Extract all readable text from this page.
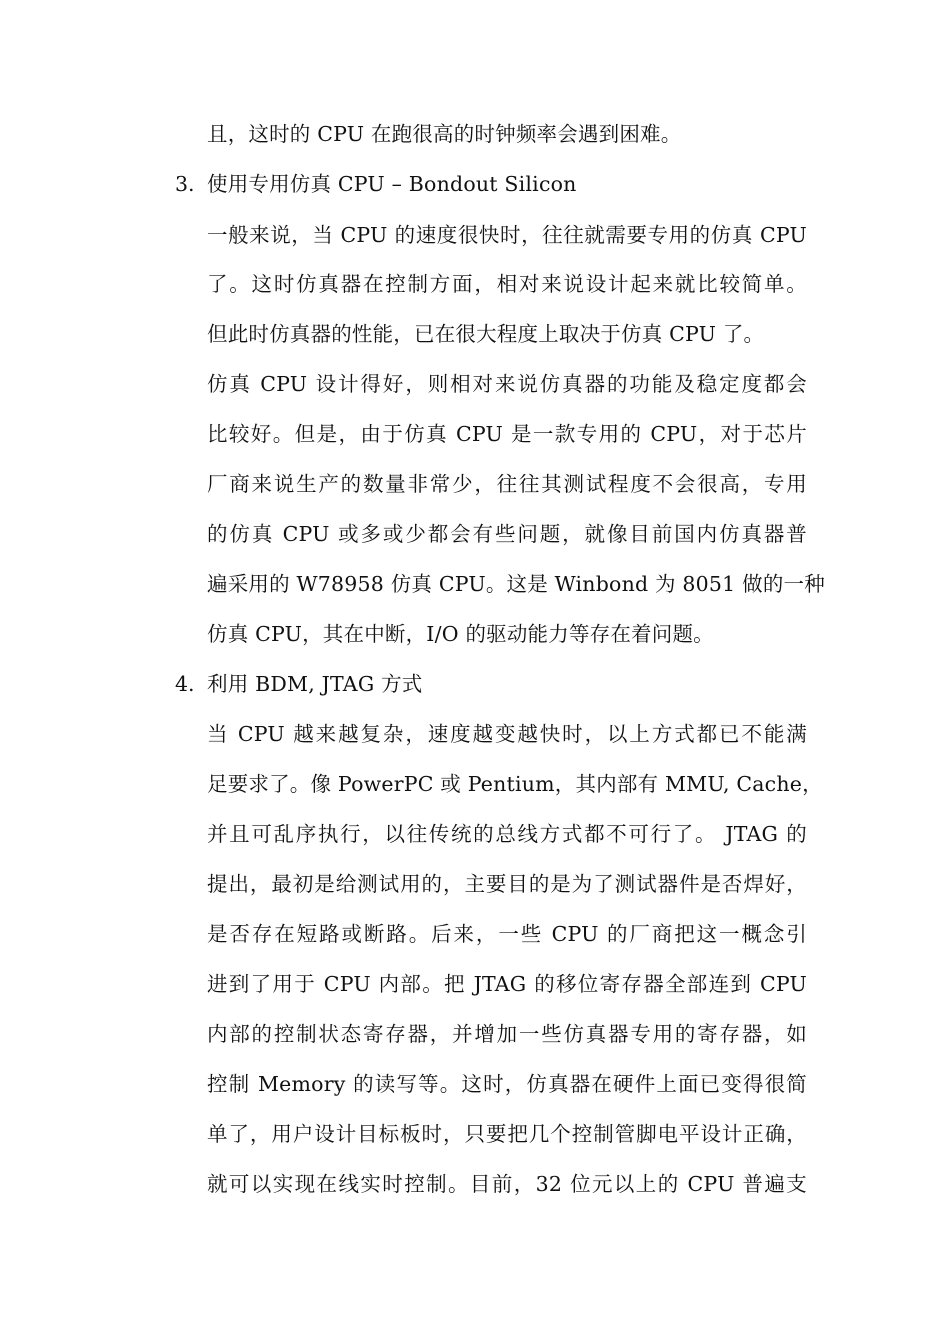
且，这时的 CPU 在跑很高的时钟频率会遇到困难。
3. 使用专用仿真 CPU – Bondout Silicon
一般来说，当 CPU 的速度很快时，往往就需要专用的仿真 CPU
了。这时仿真器在控制方面，相对来说设计起来就比较简单。
但此时仿真器的性能，已在很大程度上取决于仿真 CPU 了。
仿真 CPU 设计得好，则相对来说仿真器的功能及稳定度都会
比较好。但是，由于仿真 CPU 是一款专用的 CPU，对于芯片
厂商来说生产的数量非常少，往往其测试程度不会很高，专用
的仿真 CPU 或多或少都会有些问题，就像目前国内仿真器普
遍采用的 W78958 仿真 CPU。这是 Winbond 为 8051 做的一种
仿真 CPU，其在中断，I/O 的驱动能力等存在着问题。
4. 利用 BDM, JTAG 方式
当 CPU 越来越复杂，速度越变越快时，以上方式都已不能满
足要求了。像 PowerPC 或 Pentium，其内部有 MMU, Cache，
并且可乱序执行，以往传统的总线方式都不可行了。 JTAG 的
提出，最初是给测试用的，主要目的是为了测试器件是否焊好，
是否存在短路或断路。后来，一些 CPU 的厂商把这一概念引
进到了用于 CPU 内部。把 JTAG 的移位寄存器全部连到 CPU
内部的控制状态寄存器，并增加一些仿真器专用的寄存器，如
控制 Memory 的读写等。这时，仿真器在硬件上面已变得很简
单了，用户设计目标板时，只要把几个控制管脚电平设计正确，
就可以实现在线实时控制。目前，32 位元以上的 CPU 普遍支
